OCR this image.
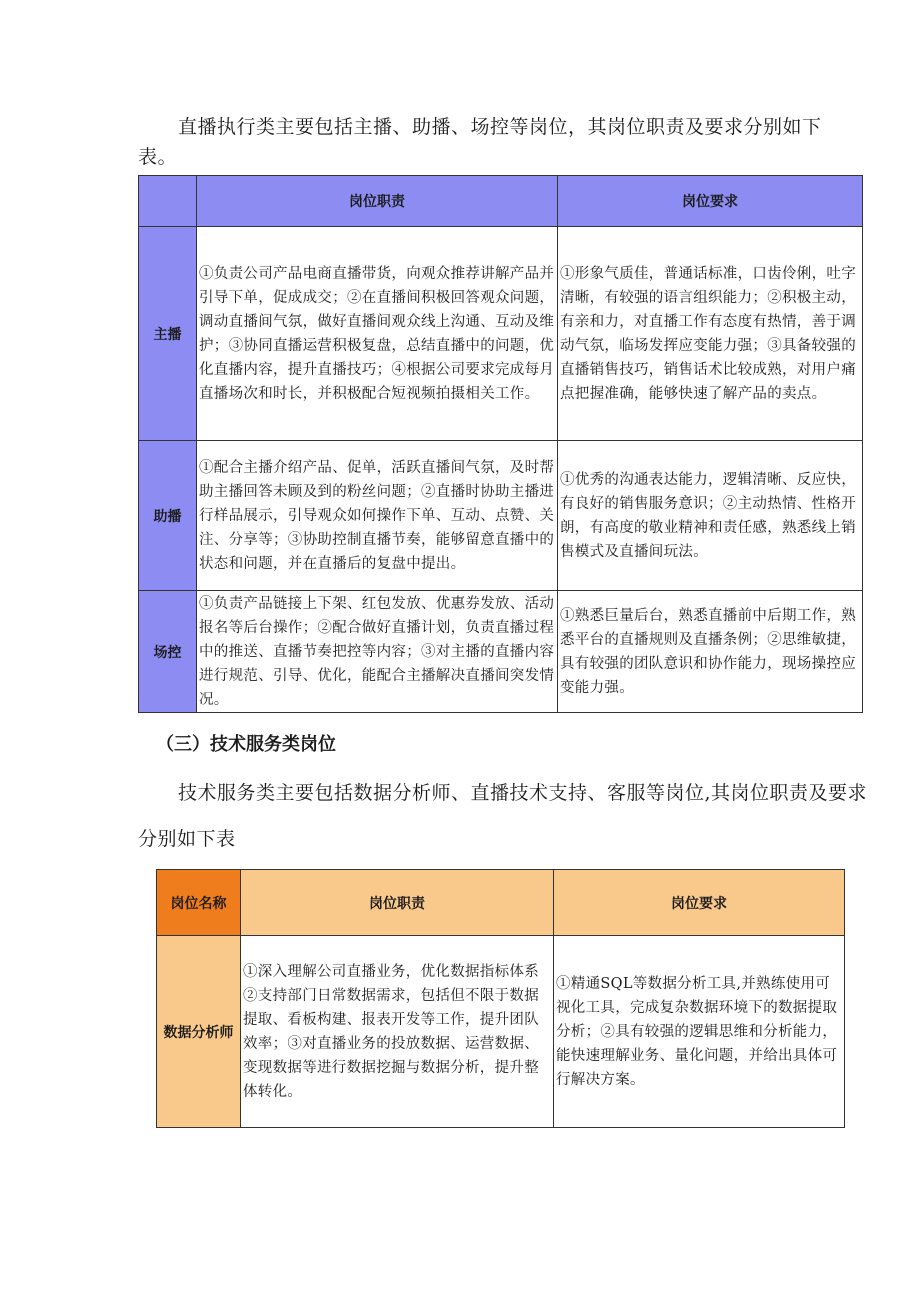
直播执行类主要包括主播、助播、场控等岗位，其岗位职责及要求分别如下表。
	岗位职责	岗位要求
主播	①负责公司产品电商直播带货，向观众推荐讲解产品并引导下单，促成成交；②在直播间积极回答观众问题，调动直播间气氛，做好直播间观众线上沟通、互动及维护；③协同直播运营积极复盘，总结直播中的问题，优化直播内容，提升直播技巧；④根据公司要求完成每月直播场次和时长，并积极配合短视频拍摄相关工作。	①形象气质佳，普通话标准，口齿伶俐，吐字清晰，有较强的语言组织能力；②积极主动，有亲和力，对直播工作有态度有热情，善于调动气氛，临场发挥应变能力强；③具备较强的直播销售技巧，销售话术比较成熟，对用户痛点把握准确，能够快速了解产品的卖点。

助播	①配合主播介绍产品、促单，活跃直播间气氛，及时帮助主播回答未顾及到的粉丝问题；②直播时协助主播进行样品展示，引导观众如何操作下单、互动、点赞、关注、分享等；③协助控制直播节奏，能够留意直播中的状态和问题，并在直播后的复盘中提出。	①优秀的沟通表达能力，逻辑清晰、反应快，有良好的销售服务意识；②主动热情、性格开朗，有高度的敬业精神和责任感，熟悉线上销售模式及直播间玩法。

场控	①负责产品链接上下架、红包发放、优惠券发放、活动报名等后台操作；②配合做好直播计划，负责直播过程中的推送、直播节奏把控等内容；③对主播的直播内容进行规范、引导、优化，能配合主播解决直播间突发情况。	①熟悉巨量后台，熟悉直播前中后期工作，熟悉平台的直播规则及直播条例；②思维敏捷，具有较强的团队意识和协作能力，现场操控应变能力强。
（三）技术服务类岗位
技术服务类主要包括数据分析师、直播技术支持、客服等岗位,其岗位职责及要求分别如下表
岗位名称	岗位职责	岗位要求
数据分析师	①深入理解公司直播业务，优化数据指标体系②支持部门日常数据需求，包括但不限于数据提取、看板构建、报表开发等工作，提升团队效率；③对直播业务的投放数据、运营数据、变现数据等进行数据挖掘与数据分析，提升整体转化。	①精通SQL等数据分析工具,并熟练使用可视化工具，完成复杂数据环境下的数据提取分析；②具有较强的逻辑思维和分析能力，能快速理解业务、量化问题，并给出具体可行解决方案。
